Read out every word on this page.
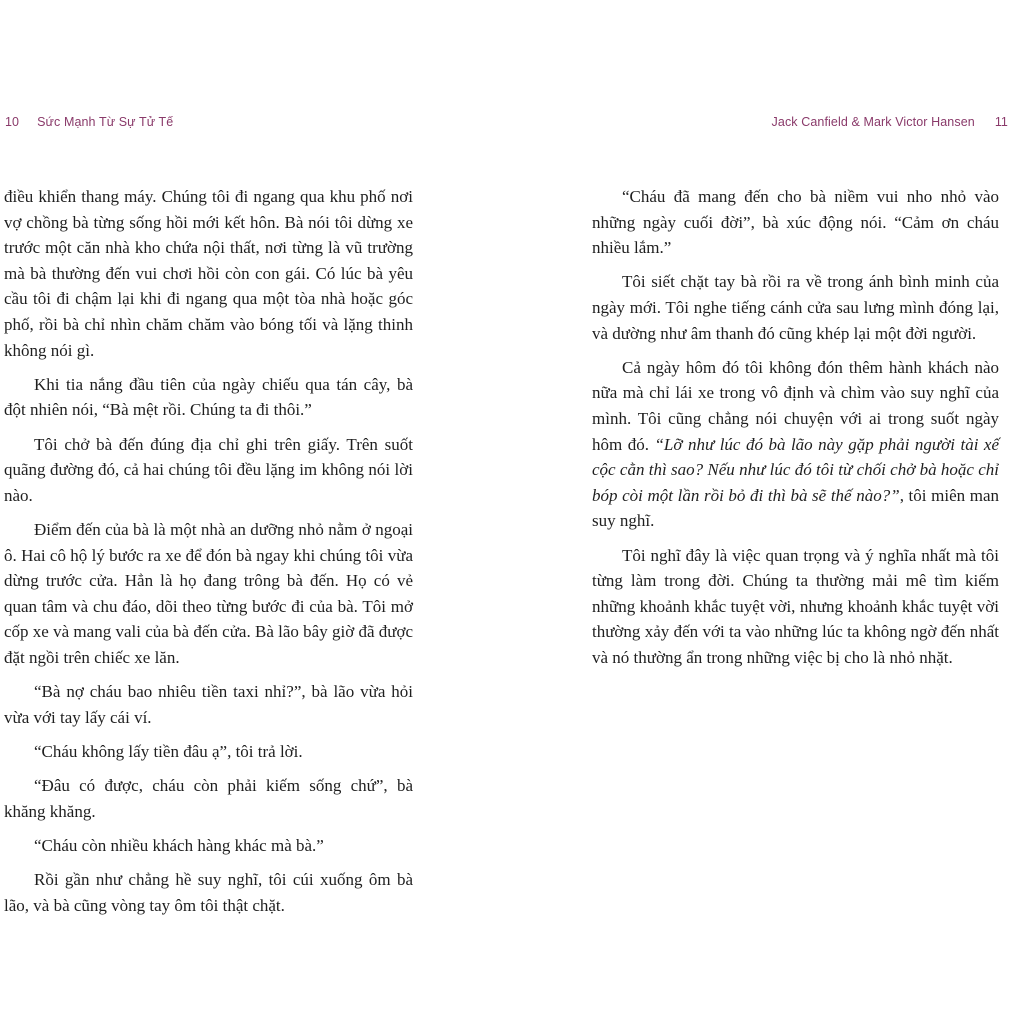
10 Sức Mạnh Từ Sự Tử Tế

điều khiển thang máy. Chúng tôi đi ngang qua khu phố nơi vợ chồng bà từng sống hồi mới kết hôn. Bà nói tôi dừng xe trước một căn nhà kho chứa nội thất, nơi từng là vũ trường mà bà thường đến vui chơi hồi còn con gái. Có lúc bà yêu cầu tôi đi chậm lại khi đi ngang qua một tòa nhà hoặc góc phố, rồi bà chỉ nhìn chăm chăm vào bóng tối và lặng thinh không nói gì.

Khi tia nắng đầu tiên của ngày chiếu qua tán cây, bà đột nhiên nói, “Bà mệt rồi. Chúng ta đi thôi.”

Tôi chở bà đến đúng địa chỉ ghi trên giấy. Trên suốt quãng đường đó, cả hai chúng tôi đều lặng im không nói lời nào.

Điểm đến của bà là một nhà an dưỡng nhỏ nằm ở ngoại ô. Hai cô hộ lý bước ra xe để đón bà ngay khi chúng tôi vừa dừng trước cửa. Hẳn là họ đang trông bà đến. Họ có vẻ quan tâm và chu đáo, dõi theo từng bước đi của bà. Tôi mở cốp xe và mang vali của bà đến cửa. Bà lão bây giờ đã được đặt ngồi trên chiếc xe lăn.

“Bà nợ cháu bao nhiêu tiền taxi nhỉ?”, bà lão vừa hỏi vừa với tay lấy cái ví.

“Cháu không lấy tiền đâu ạ”, tôi trả lời.

“Đâu có được, cháu còn phải kiếm sống chứ”, bà khăng khăng.

“Cháu còn nhiều khách hàng khác mà bà.”

Rồi gần như chẳng hề suy nghĩ, tôi cúi xuống ôm bà lão, và bà cũng vòng tay ôm tôi thật chặt.

Jack Canfield & Mark Victor Hansen 11

“Cháu đã mang đến cho bà niềm vui nho nhỏ vào những ngày cuối đời”, bà xúc động nói. “Cảm ơn cháu nhiều lắm.”

Tôi siết chặt tay bà rồi ra về trong ánh bình minh của ngày mới. Tôi nghe tiếng cánh cửa sau lưng mình đóng lại, và dường như âm thanh đó cũng khép lại một đời người.

Cả ngày hôm đó tôi không đón thêm hành khách nào nữa mà chỉ lái xe trong vô định và chìm vào suy nghĩ của mình. Tôi cũng chẳng nói chuyện với ai trong suốt ngày hôm đó. “Lỡ như lúc đó bà lão này gặp phải người tài xế cộc cằn thì sao? Nếu như lúc đó tôi từ chối chở bà hoặc chỉ bóp còi một lần rồi bỏ đi thì bà sẽ thế nào?”, tôi miên man suy nghĩ.

Tôi nghĩ đây là việc quan trọng và ý nghĩa nhất mà tôi từng làm trong đời. Chúng ta thường mải mê tìm kiếm những khoảnh khắc tuyệt vời, nhưng khoảnh khắc tuyệt vời thường xảy đến với ta vào những lúc ta không ngờ đến nhất và nó thường ẩn trong những việc bị cho là nhỏ nhặt.
